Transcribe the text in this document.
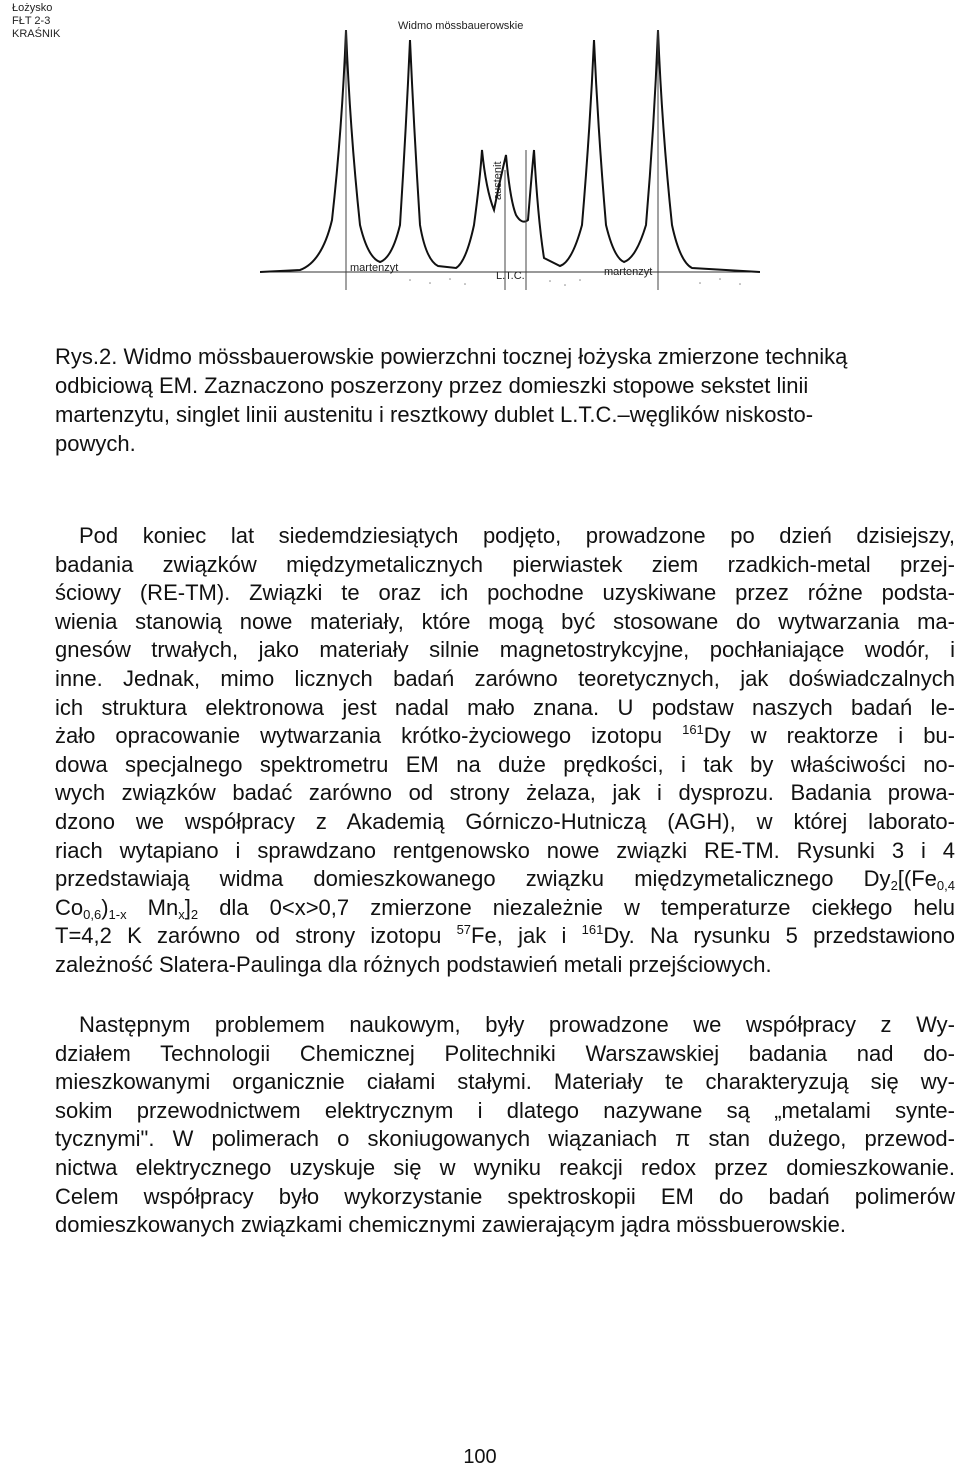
Łożysko
FŁT 2-3
KRAŚNIK
Widmo mössbauerowskie
martenzyt
austenit
L.T.C.	martenzyt
Rys.2. Widmo mössbauerowskie powierzchni tocznej łożyska zmierzone techniką
odbiciową EM. Zaznaczono poszerzony przez domieszki stopowe sekstet linii
martenzytu, singlet linii austenitu i resztkowy dublet L.T.C.–węglików niskosto-
powych.
Pod koniec lat siedemdziesiątych podjęto, prowadzone po dzień dzisiejszy,
badania związków międzymetalicznych pierwiastek ziem rzadkich-metal przej-
ściowy (RE-TM). Związki te oraz ich pochodne uzyskiwane przez różne podsta-
wienia stanowią nowe materiały, które mogą być stosowane do wytwarzania ma-
gnesów trwałych, jako materiały silnie magnetostrykcyjne, pochłaniające wodór, i
inne. Jednak, mimo licznych badań zarówno teoretycznych, jak doświadczalnych
ich struktura elektronowa jest nadal mało znana. U podstaw naszych badań le-
żało opracowanie wytwarzania krótko-życiowego izotopu $^{161}$Dy w reaktorze i bu-
dowa specjalnego spektrometru EM na duże prędkości, i tak by właściwości no-
wych związków badać zarówno od strony żelaza, jak i dysprozu. Badania prowa-
dzono we współpracy z Akademią Górniczo-Hutniczą (AGH), w której laborato-
riach wytapiano i sprawdzano rentgenowsko nowe związki RE-TM. Rysunki 3 i 4
przedstawiają widma domieszkowanego związku międzymetalicznego $Dy_2[(Fe_{0,4}$
$Co_{0,6})_{1-x}$ $Mn_x]_2$ dla 0<x>0,7 zmierzone niezależnie w temperaturze ciekłego helu
T=4,2 K zarówno od strony izotopu $^{57}$Fe, jak i $^{161}$Dy. Na rysunku 5 przedstawiono
zależność Slatera-Paulinga dla różnych podstawień metali przejściowych.
Następnym problemem naukowym, były prowadzone we współpracy z Wy-
działem Technologii Chemicznej Politechniki Warszawskiej badania nad do-
mieszkowanymi organicznie ciałami stałymi. Materiały te charakteryzują się wy-
sokim przewodnictwem elektrycznym i dlatego nazywane są „metalami synte-
tycznymi". W polimerach o skoniugowanych wiązaniach π stan dużego, przewod-
nictwa elektrycznego uzyskuje się w wyniku reakcji redox przez domieszkowanie.
Celem współpracy było wykorzystanie spektroskopii EM do badań polimerów
domieszkowanych związkami chemicznymi zawierającym jądra mössbuerowskie.
100
